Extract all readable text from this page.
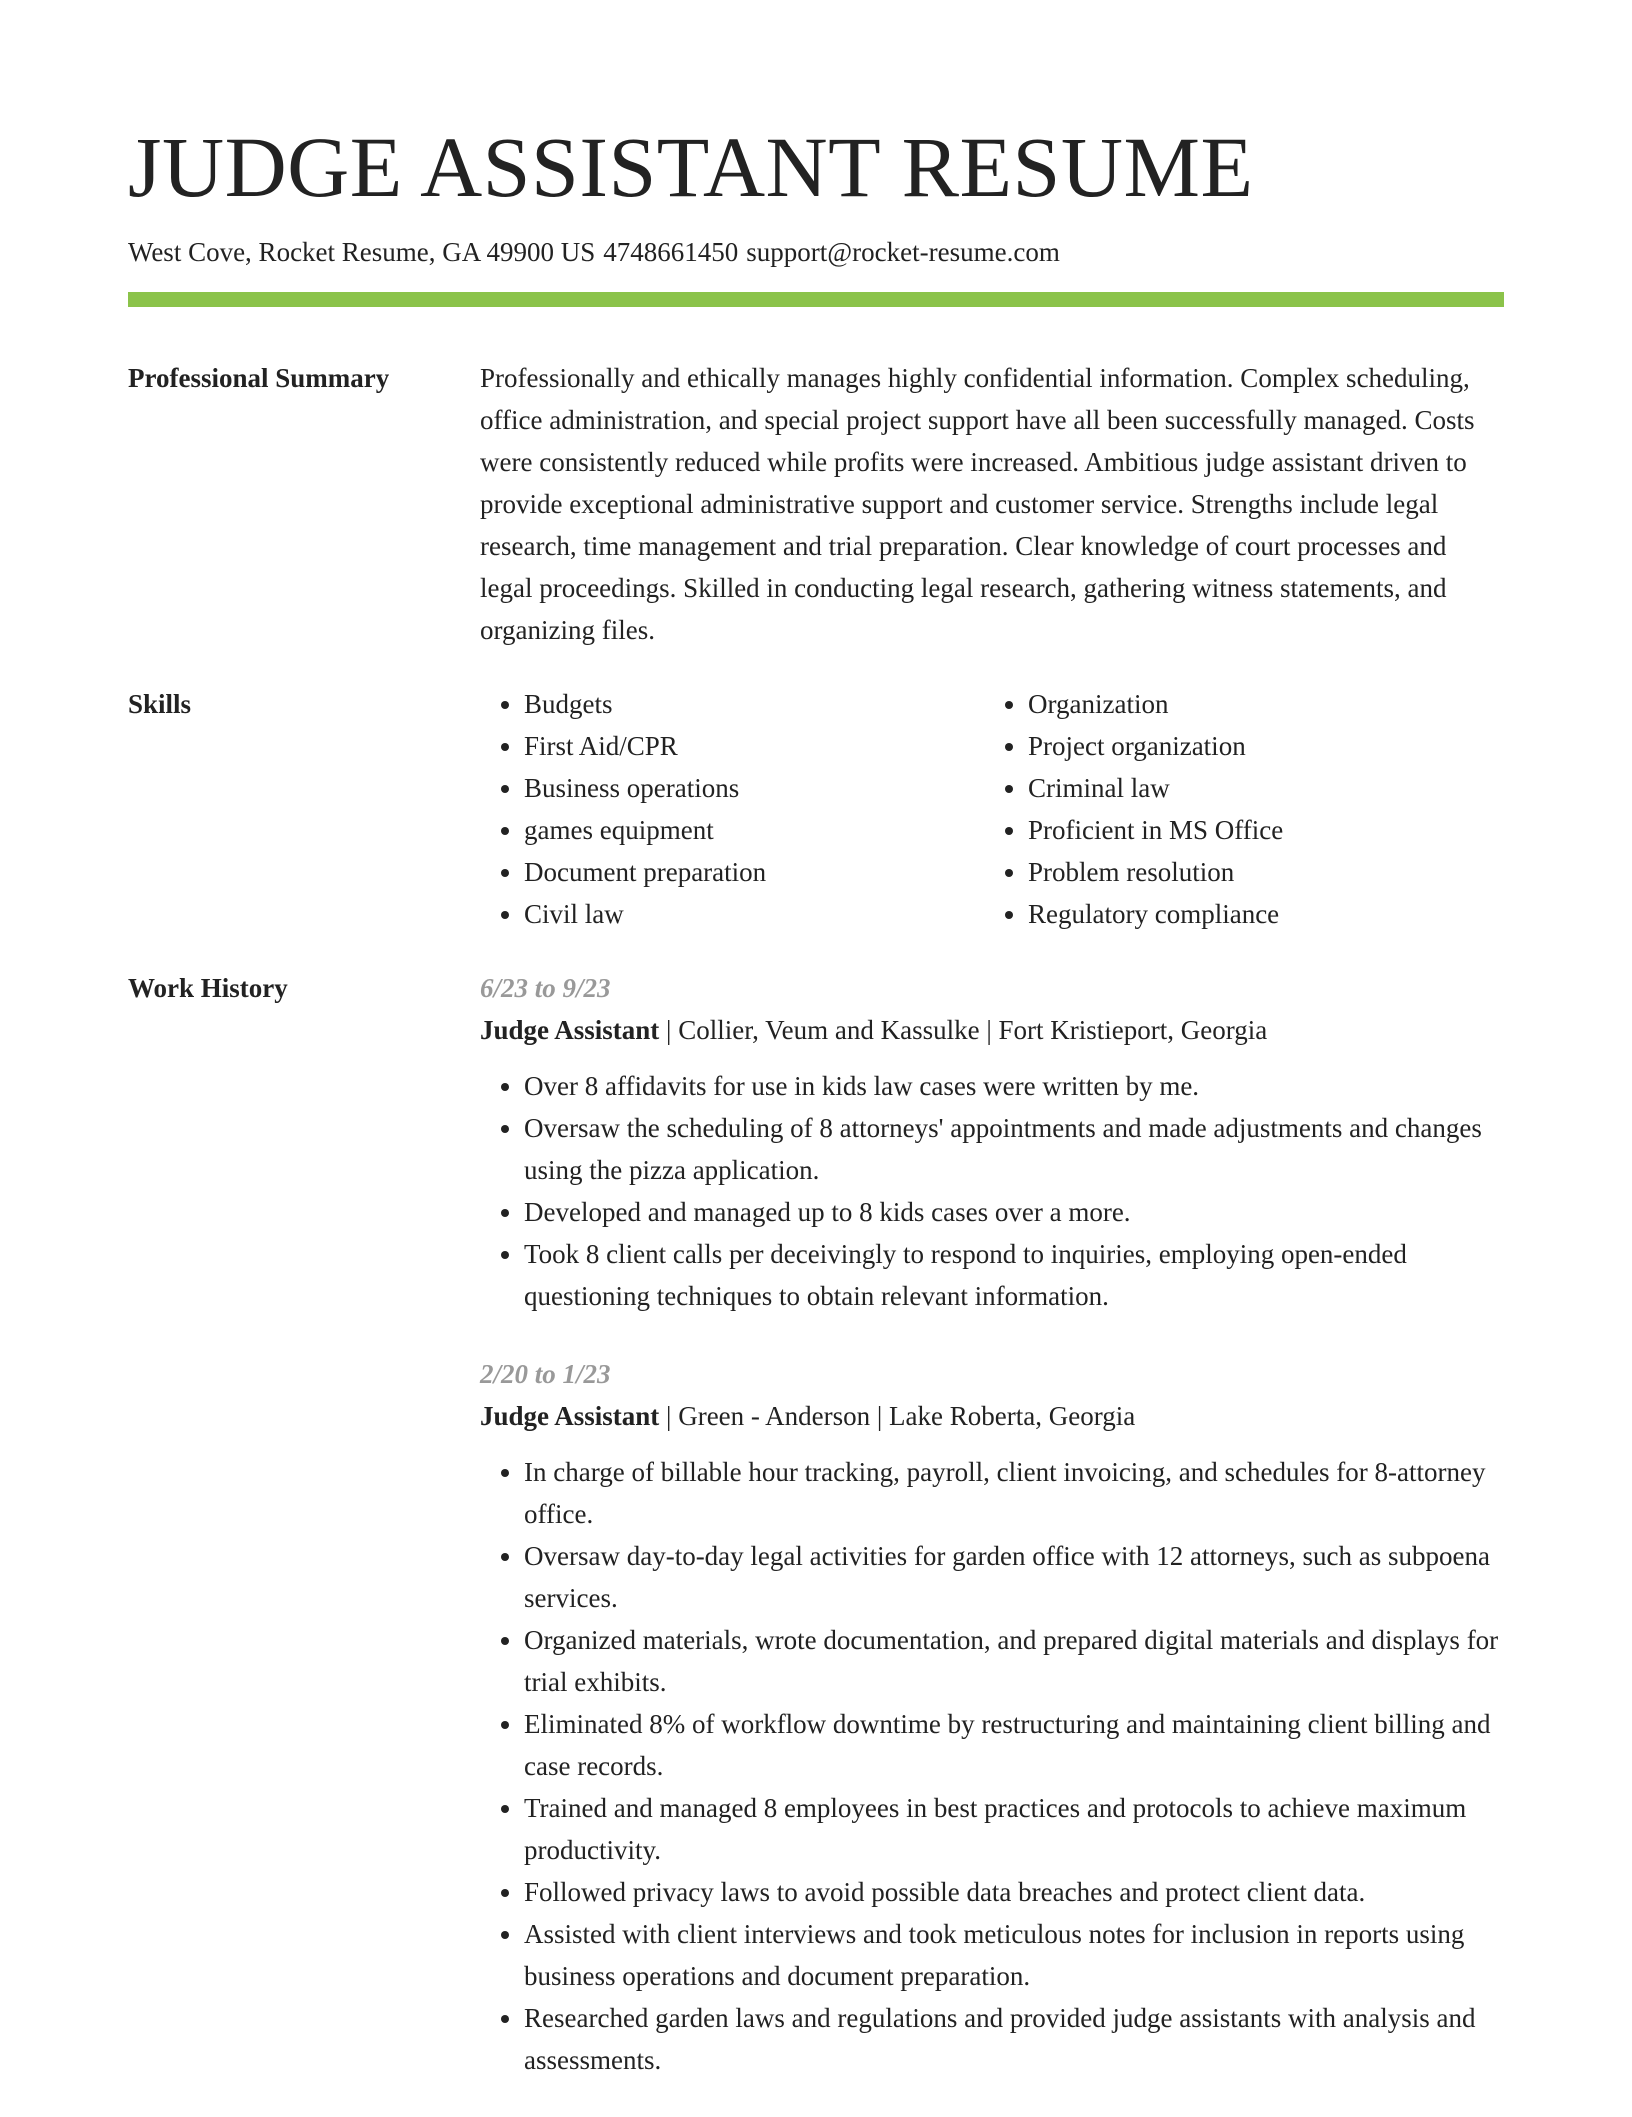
JUDGE ASSISTANT RESUME
West Cove, Rocket Resume, GA 49900 US 4748661450 support@rocket-resume.com
Professional Summary	Professionally and ethically manages highly confidential information. Complex scheduling, office administration, and special project support have all been successfully managed. Costs were consistently reduced while profits were increased. Ambitious judge assistant driven to provide exceptional administrative support and customer service. Strengths include legal research, time management and trial preparation. Clear knowledge of court processes and legal proceedings. Skilled in conducting legal research, gathering witness statements, and organizing files.
Skills
•	Budgets
• First Aid/CPR
• Business operations
• games equipment
• Document preparation
• Civil law
• Organization
• Project organization
• Criminal law
• Proficient in MS Office
• Problem resolution
• Regulatory compliance
Work History	6/23 to 9/23
Judge Assistant | Collier, Veum and Kassulke | Fort Kristieport, Georgia
• Over 8 affidavits for use in kids law cases were written by me.
• Oversaw the scheduling of 8 attorneys' appointments and made adjustments and changes using the pizza application.
• Developed and managed up to 8 kids cases over a more.
• Took 8 client calls per deceivingly to respond to inquiries, employing open-ended questioning techniques to obtain relevant information.
2/20 to 1/23
Judge Assistant | Green - Anderson | Lake Roberta, Georgia
• In charge of billable hour tracking, payroll, client invoicing, and schedules for 8-attorney office.
• Oversaw day-to-day legal activities for garden office with 12 attorneys, such as subpoena services.
• Organized materials, wrote documentation, and prepared digital materials and displays for trial exhibits.
• Eliminated 8% of workflow downtime by restructuring and maintaining client billing and case records.
• Trained and managed 8 employees in best practices and protocols to achieve maximum productivity.
• Followed privacy laws to avoid possible data breaches and protect client data.
• Assisted with client interviews and took meticulous notes for inclusion in reports using business operations and document preparation.
• Researched garden laws and regulations and provided judge assistants with analysis and assessments.
